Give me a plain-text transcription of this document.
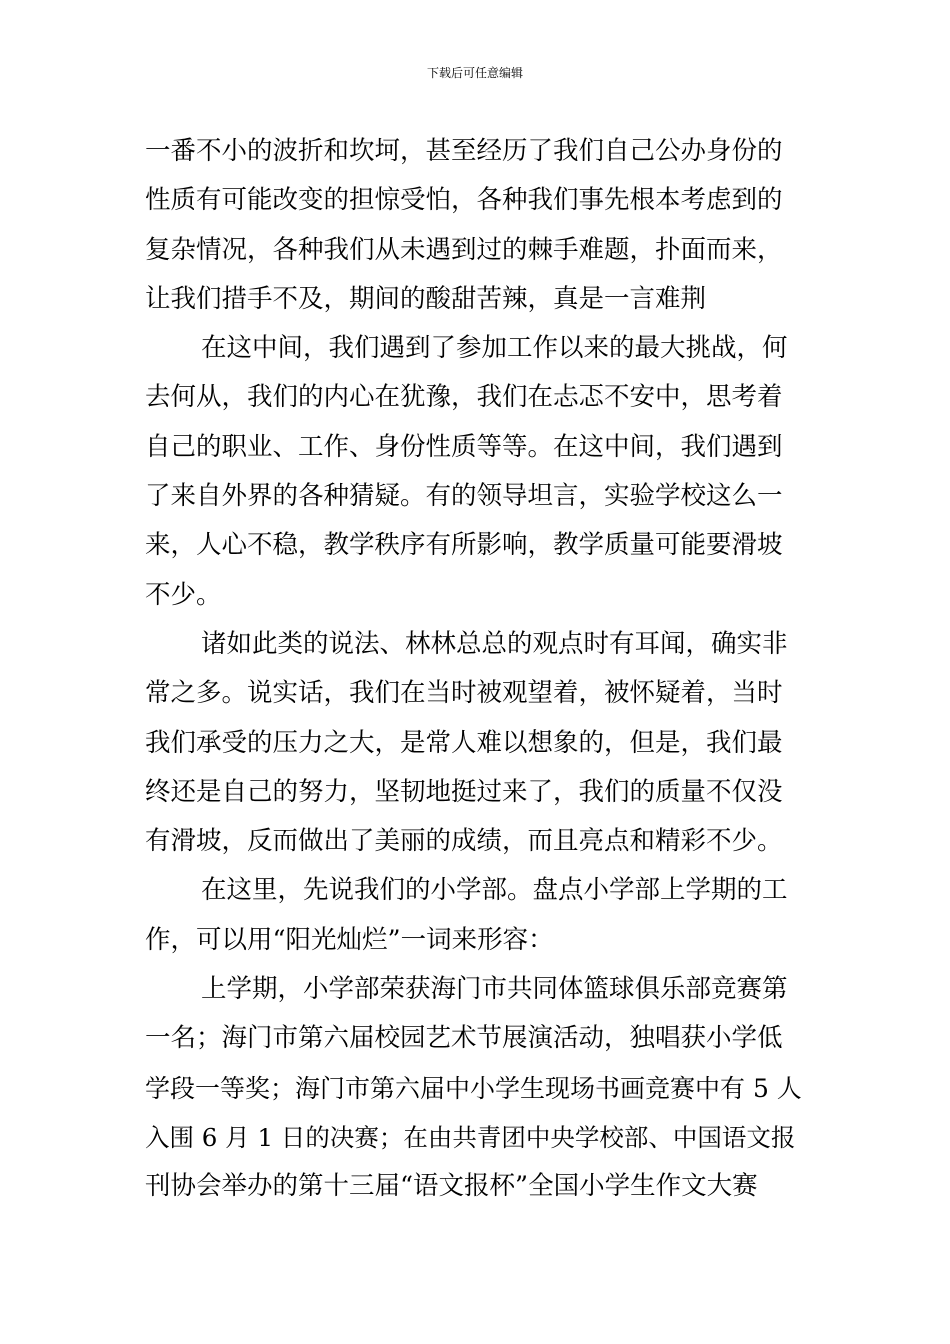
下载后可任意编辑
一番不小的波折和坎坷，甚至经历了我们自己公办身份的
性质有可能改变的担惊受怕，各种我们事先根本考虑到的
复杂情况，各种我们从未遇到过的棘手难题，扑面而来，
让我们措手不及，期间的酸甜苦辣，真是一言难荆
在这中间，我们遇到了参加工作以来的最大挑战，何
去何从，我们的内心在犹豫，我们在忐忑不安中，思考着
自己的职业、工作、身份性质等等。在这中间，我们遇到
了来自外界的各种猜疑。有的领导坦言，实验学校这么一
来，人心不稳，教学秩序有所影响，教学质量可能要滑坡
不少。
诸如此类的说法、林林总总的观点时有耳闻，确实非
常之多。说实话，我们在当时被观望着，被怀疑着，当时
我们承受的压力之大，是常人难以想象的，但是，我们最
终还是自己的努力，坚韧地挺过来了，我们的质量不仅没
有滑坡，反而做出了美丽的成绩，而且亮点和精彩不少。
在这里，先说我们的小学部。盘点小学部上学期的工
作，可以用“阳光灿烂”一词来形容：
上学期，小学部荣获海门市共同体篮球俱乐部竞赛第
一名；海门市第六届校园艺术节展演活动，独唱获小学低
学段一等奖；海门市第六届中小学生现场书画竞赛中有 5 人
入围 6 月 1 日的决赛；在由共青团中央学校部、中国语文报
刊协会举办的第十三届“语文报杯”全国小学生作文大赛
